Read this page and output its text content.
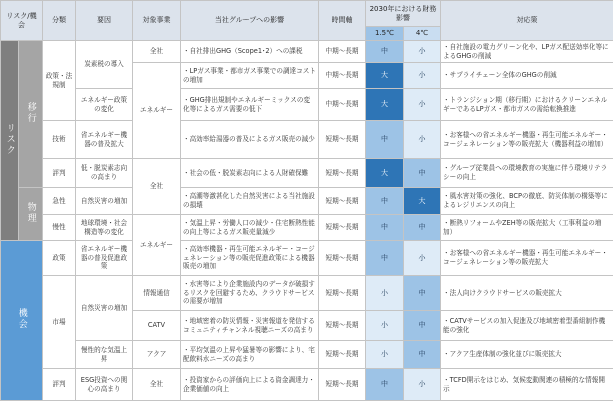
リスク/機会		分類	要因	対象事業	当社グループへの影響	時間軸	2030年における財務影響		対応策
							1.5℃	4℃	
リスク	移行	政策・法規制	炭素税の導入	全社	・自社排出GHG（Scope1･2）への課税	中期～長期	中	小	・自社施設の電力グリーン化や、LPガス配送効率化等によるGHGの削減
				エネルギー	・LPガス事業・都市ガス事業での調達コストの増加	中期～長期	大	小	・サプライチェーン全体のGHGの削減
			エネルギー政策の変化		・GHG排出規制やエネルギーミックスの変化等によるガス需要の低下	中期～長期	大	小	・トランジション期（移行期）におけるクリーンエネルギーであるLPガス・都市ガスの需給転換推進
		技術	省エネルギー機器の普及拡大		・高効率給湯器の普及によるガス販売の減少	短期～長期	中	小	・お客様への省エネルギー機器・再生可能エネルギー・コージェネレーション等の販売拡大（機器利益の増加）
		評判	低・脱炭素志向の高まり	全社	・社会の低・脱炭素志向による人財確保難	短期～長期	大	中	・グループ従業員への環境教育の実施に伴う環境リテラシーの向上
	物理	急性	自然災害の増加		・高潮等激甚化した自然災害による当社施設の損壊	短期～長期	中	大	・風水害対策の強化、BCPの徹底、防災体制の構築等によるレジリエンスの向上
		慢性	地球環境・社会構造等の変化	エネルギー	・気温上昇・労働人口の減少・住宅断熱性能の向上等によるガス販売量減少	短期～長期	中	中	・断熱リフォームやZEH等の販売拡大（工事利益の増加）
機会		政策	省エネルギー機器の普及促進政策		・高効率機器・再生可能エネルギー・コージェネレーション等の販売促進政策による機器販売の増加	短期～長期	中	小	・お客様への省エネルギー機器・再生可能エネルギー・コージェネレーション等の販売拡大
		市場	自然災害の増加	情報通信	・水害等により企業施設内のデータが破損するリスクを回避するため、クラウドサービスの需要が増加	短期～長期	小	中	・法人向けクラウドサービスの販売拡大
				CATV	・地域密着の防災情報・災害報道を発信するコミュニティチャンネル視聴ニーズの高まり	短期～長期	小	中	・CATVサービスの加入促進及び地域密着型番組制作機能の強化
			慢性的な気温上昇	アクア	・平均気温の上昇や猛暑等の影響により、宅配飲料水ニーズの高まり	短期～長期	小	中	・アクア生産体制の強化並びに販売拡大
		評判	ESG投資への関心の高まり	全社	・投資家からの評価向上による資金調達力・企業価値の向上	短期～長期	中	小	・TCFD開示をはじめ、気候変動関連の積極的な情報開示
